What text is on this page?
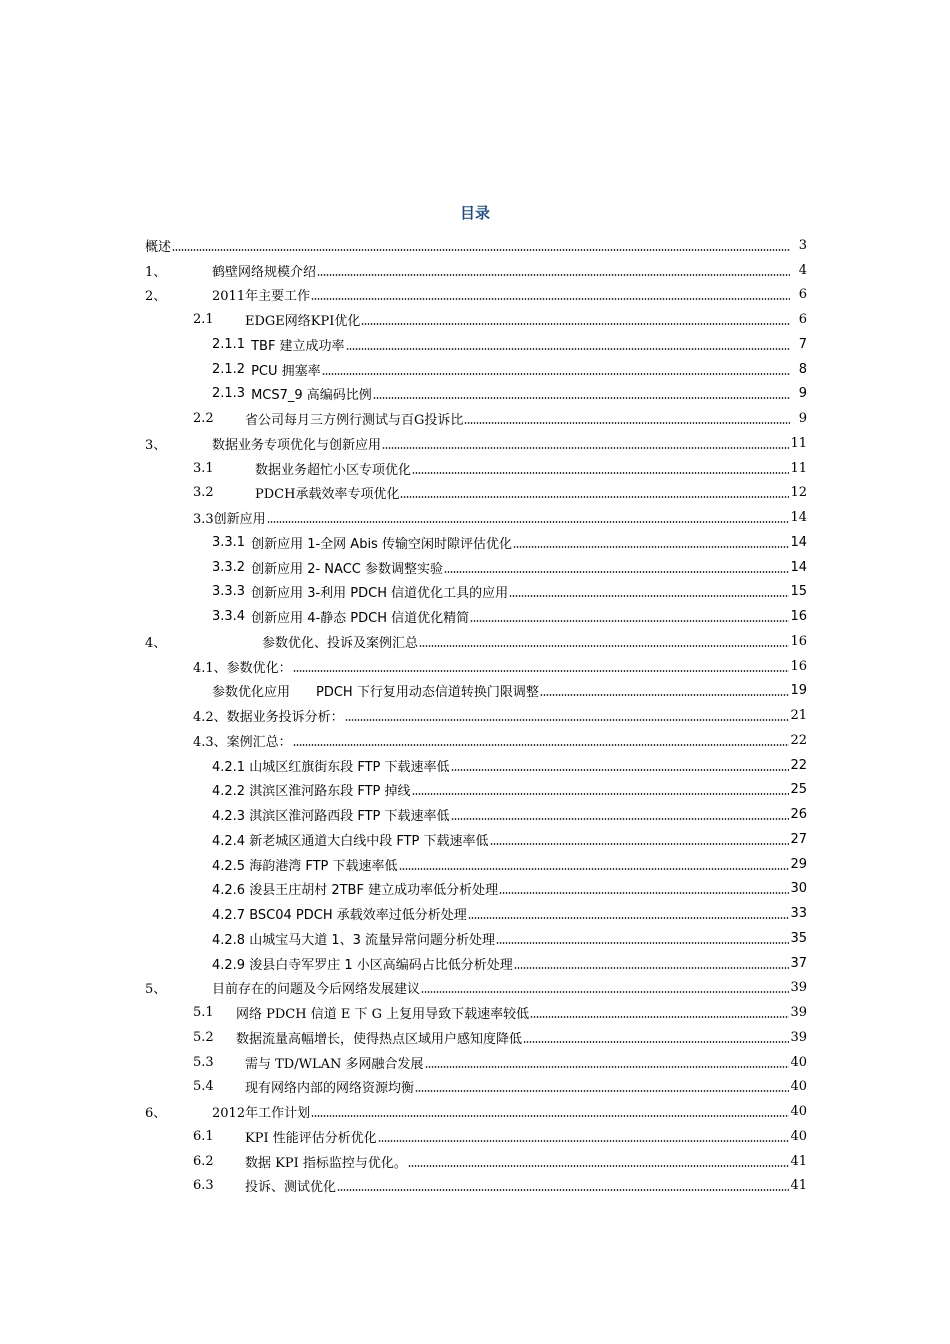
目录
概述	3
1、	鹤壁网络规模介绍	4
2、	2011年主要工作	6
2.1	EDGE网络KPI优化	6
2.1.1 TBF 建立成功率	7
2.1.2 PCU 拥塞率	8
2.1.3 MCS7_9 高编码比例	9
2.2	省公司每月三方例行测试与百G投诉比	9
3、	数据业务专项优化与创新应用	11
3.1	数据业务超忙小区专项优化	11
3.2	PDCH承载效率专项优化	12
3.3创新应用	14
3.3.1 创新应用 1-全网 Abis 传输空闲时隙评估优化	14
3.3.2 创新应用 2- NACC 参数调整实验	14
3.3.3 创新应用 3-利用 PDCH 信道优化工具的应用	15
3.3.4 创新应用 4-静态 PDCH 信道优化精简	16
4、	参数优化、投诉及案例汇总	16
4.1、参数优化：	16
参数优化应用　　PDCH 下行复用动态信道转换门限调整	19
4.2、数据业务投诉分析：	21
4.3、案例汇总：	22
4.2.1 山城区红旗街东段 FTP 下载速率低	22
4.2.2 淇滨区淮河路东段 FTP 掉线	25
4.2.3 淇滨区淮河路西段 FTP 下载速率低	26
4.2.4 新老城区通道大白线中段 FTP 下载速率低	27
4.2.5 海韵港湾 FTP 下载速率低	29
4.2.6 浚县王庄胡村 2TBF 建立成功率低分析处理	30
4.2.7 BSC04 PDCH 承载效率过低分析处理	33
4.2.8 山城宝马大道 1、3 流量异常问题分析处理	35
4.2.9 浚县白寺军罗庄 1 小区高编码占比低分析处理	37
5、	目前存在的问题及今后网络发展建议	39
5.1	网络 PDCH 信道 E 下 G 上复用导致下载速率较低	39
5.2	数据流量高幅增长，使得热点区域用户感知度降低	39
5.3	需与 TD/WLAN 多网融合发展	40
5.4	现有网络内部的网络资源均衡	40
6、	2012年工作计划	40
6.1	KPI 性能评估分析优化	40
6.2	数据 KPI 指标监控与优化。	41
6.3	投诉、测试优化	41
